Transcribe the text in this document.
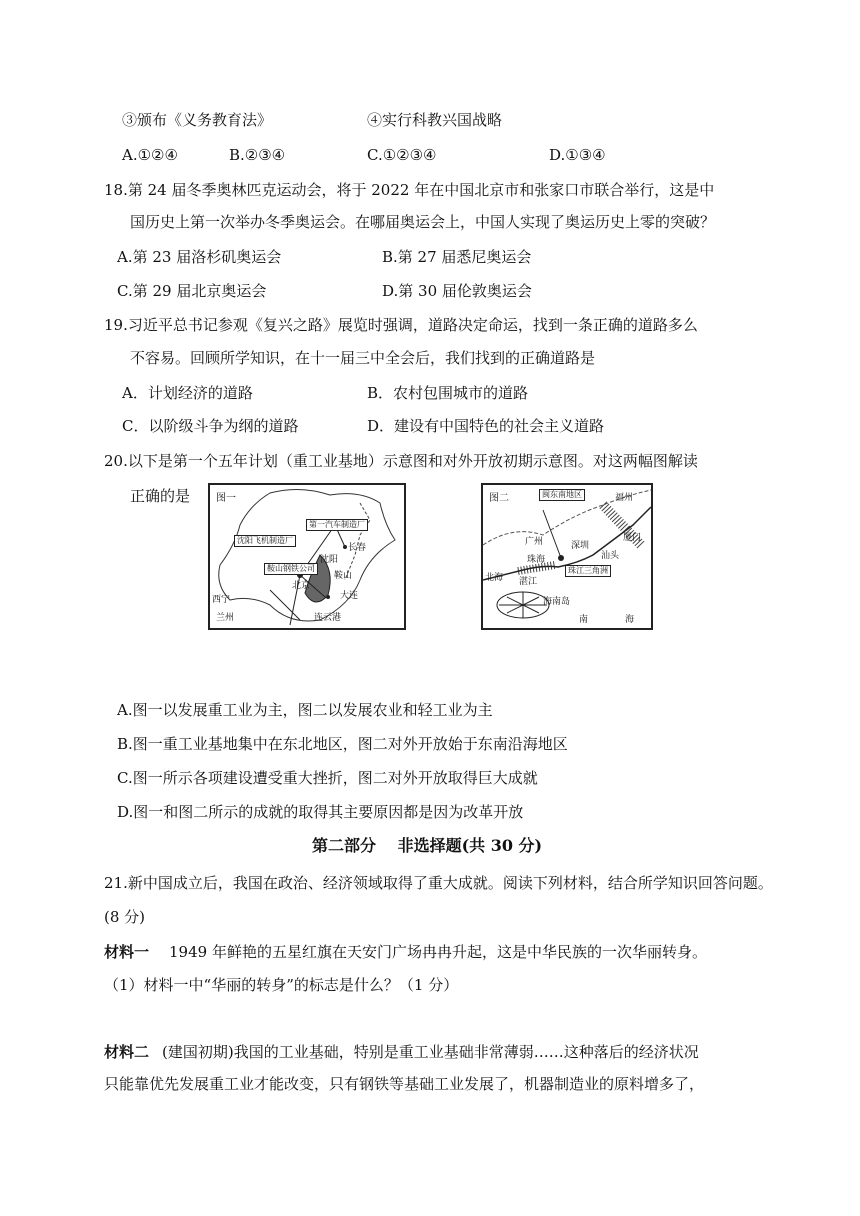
③颁布《义务教育法》	④实行科教兴国战略
A.①②④	B.②③④	C.①②③④	D.①③④
18.第 24 届冬季奥林匹克运动会，将于 2022 年在中国北京市和张家口市联合举行，这是中
国历史上第一次举办冬季奥运会。在哪届奥运会上，中国人实现了奥运历史上零的突破？
A.第 23 届洛杉矶奥运会	B.第 27 届悉尼奥运会
C.第 29 届北京奥运会	D.第 30 届伦敦奥运会
19.习近平总书记参观《复兴之路》展览时强调，道路决定命运，找到一条正确的道路多么
不容易。回顾所学知识，在十一届三中全会后，我们找到的正确道路是
A．计划经济的道路	B．农村包围城市的道路
C．以阶级斗争为纲的道路	D．建设有中国特色的社会主义道路
20.以下是第一个五年计划（重工业基地）示意图和对外开放初期示意图。对这两幅图解读
正确的是	图一
第一汽车制造厂
沈阳飞机制造厂
长春
沈阳
鞍山钢铁公司
北京
鞍山
大连
西宁
兰州	连云港
图二	闽东南地区	福州
广州	深圳
厦门
汕头
珠海
珠江三角洲
北海 湛江
海南岛
南	海
A.图一以发展重工业为主，图二以发展农业和轻工业为主
B.图一重工业基地集中在东北地区，图二对外开放始于东南沿海地区
C.图一所示各项建设遭受重大挫折，图二对外开放取得巨大成就
D.图一和图二所示的成就的取得其主要原因都是因为改革开放
第二部分　 非选择题(共 30 分)
21.新中国成立后，我国在政治、经济领域取得了重大成就。阅读下列材料，结合所学知识回答问题。
(8 分)
材料一 1949 年鲜艳的五星红旗在天安门广场冉冉升起，这是中华民族的一次华丽转身。
（1）材料一中“华丽的转身”的标志是什么？（1 分）
材料二 (建国初期)我国的工业基础，特别是重工业基础非常薄弱……这种落后的经济状况
只能靠优先发展重工业才能改变，只有钢铁等基础工业发展了，机器制造业的原料增多了，
